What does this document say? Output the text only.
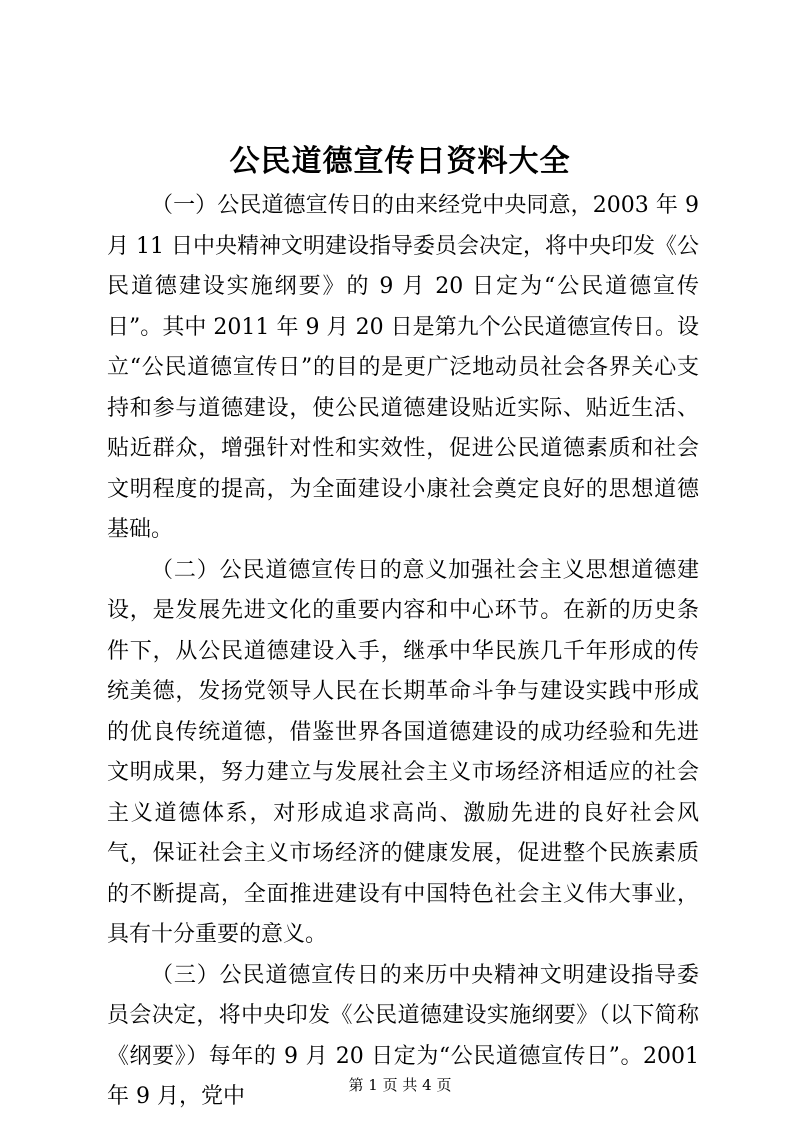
公民道德宣传日资料大全

（一）公民道德宣传日的由来经党中央同意，2003 年 9 月 11 日中央精神文明建设指导委员会决定，将中央印发《公民道德建设实施纲要》的 9 月 20 日定为“公民道德宣传日”。其中 2011 年 9 月 20 日是第九个公民道德宣传日。设立“公民道德宣传日”的目的是更广泛地动员社会各界关心支持和参与道德建设，使公民道德建设贴近实际、贴近生活、贴近群众，增强针对性和实效性，促进公民道德素质和社会文明程度的提高，为全面建设小康社会奠定良好的思想道德基础。

（二）公民道德宣传日的意义加强社会主义思想道德建设，是发展先进文化的重要内容和中心环节。在新的历史条件下，从公民道德建设入手，继承中华民族几千年形成的传统美德，发扬党领导人民在长期革命斗争与建设实践中形成的优良传统道德，借鉴世界各国道德建设的成功经验和先进文明成果，努力建立与发展社会主义市场经济相适应的社会主义道德体系，对形成追求高尚、激励先进的良好社会风气，保证社会主义市场经济的健康发展，促进整个民族素质的不断提高，全面推进建设有中国特色社会主义伟大事业，具有十分重要的意义。

（三）公民道德宣传日的来历中央精神文明建设指导委员会决定，将中央印发《公民道德建设实施纲要》（以下简称《纲要》）每年的 9 月 20 日定为“公民道德宣传日”。2001 年 9 月，党中	第 1 页 共 4 页
